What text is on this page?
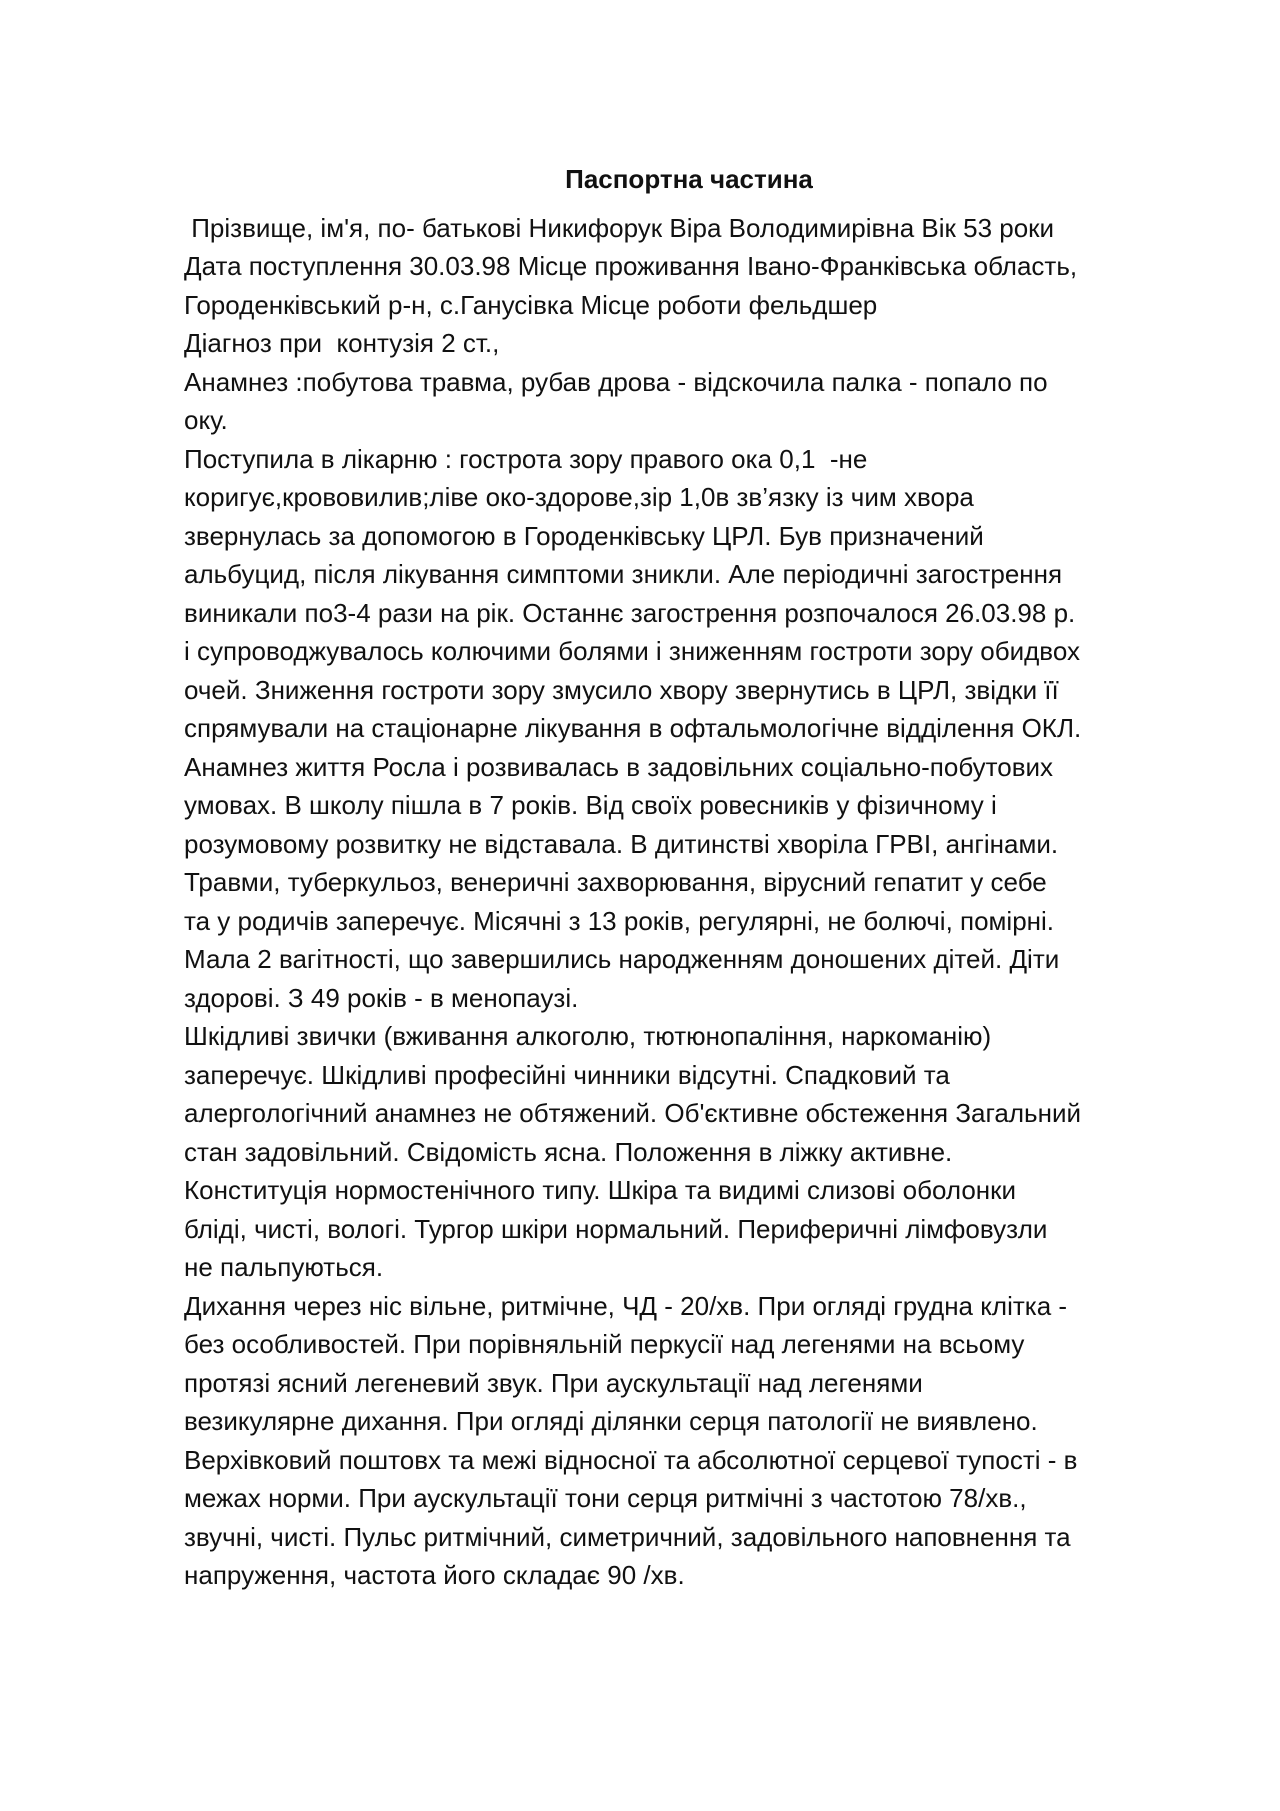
Паспортна частина
Прізвище, ім'я, по- батькові Никифорук Віра Володимирівна Вік 53 роки
Дата поступлення 30.03.98 Місце проживання Івано-Франківська область,
Городенківський р-н, с.Ганусівка Місце роботи фельдшер
Діагноз при  контузія 2 ст.,
Анамнез :побутова травма, рубав дрова - відскочила палка - попало по
оку.
Поступила в лікарню : гострота зору правого ока 0,1  -не
коригує,крововилив;ліве око-здорове,зір 1,0в зв’язку із чим хвора
звернулась за допомогою в Городенківську ЦРЛ. Був призначений
альбуцид, після лікування симптоми зникли. Але періодичні загострення
виникали по3-4 рази на рік. Останнє загострення розпочалося 26.03.98 р.
і супроводжувалось колючими болями і зниженням гостроти зору обидвох
очей. Зниження гостроти зору змусило хвору звернутись в ЦРЛ, звідки її
спрямували на стаціонарне лікування в офтальмологічне відділення ОКЛ.
Анамнез життя Росла і розвивалась в задовільних соціально-побутових
умовах. В школу пішла в 7 років. Від своїх ровесників у фізичному і
розумовому розвитку не відставала. В дитинстві хворіла ГРВІ, ангінами.
Травми, туберкульоз, венеричні захворювання, вірусний гепатит у себе
та у родичів заперечує. Місячні з 13 років, регулярні, не болючі, помірні.
Мала 2 вагітності, що завершились народженням доношених дітей. Діти
здорові. З 49 років - в менопаузі.
Шкідливі звички (вживання алкоголю, тютюнопаління, наркоманію)
заперечує. Шкідливі професійні чинники відсутні. Спадковий та
алергологічний анамнез не обтяжений. Об'єктивне обстеження Загальний
стан задовільний. Свідомість ясна. Положення в ліжку активне.
Конституція нормостенічного типу. Шкіра та видимі слизові оболонки
бліді, чисті, вологі. Тургор шкіри нормальний. Периферичні лімфовузли
не пальпуються.
Дихання через ніс вільне, ритмічне, ЧД - 20/хв. При огляді грудна клітка -
без особливостей. При порівняльній перкусії над легенями на всьому
протязі ясний легеневий звук. При аускультації над легенями
везикулярне дихання. При огляді ділянки серця патології не виявлено.
Верхівковий поштовх та межі відносної та абсолютної серцевої тупості - в
межах норми. При аускультації тони серця ритмічні з частотою 78/хв.,
звучні, чисті. Пульс ритмічний, симетричний, задовільного наповнення та
напруження, частота його складає 90 /хв.
